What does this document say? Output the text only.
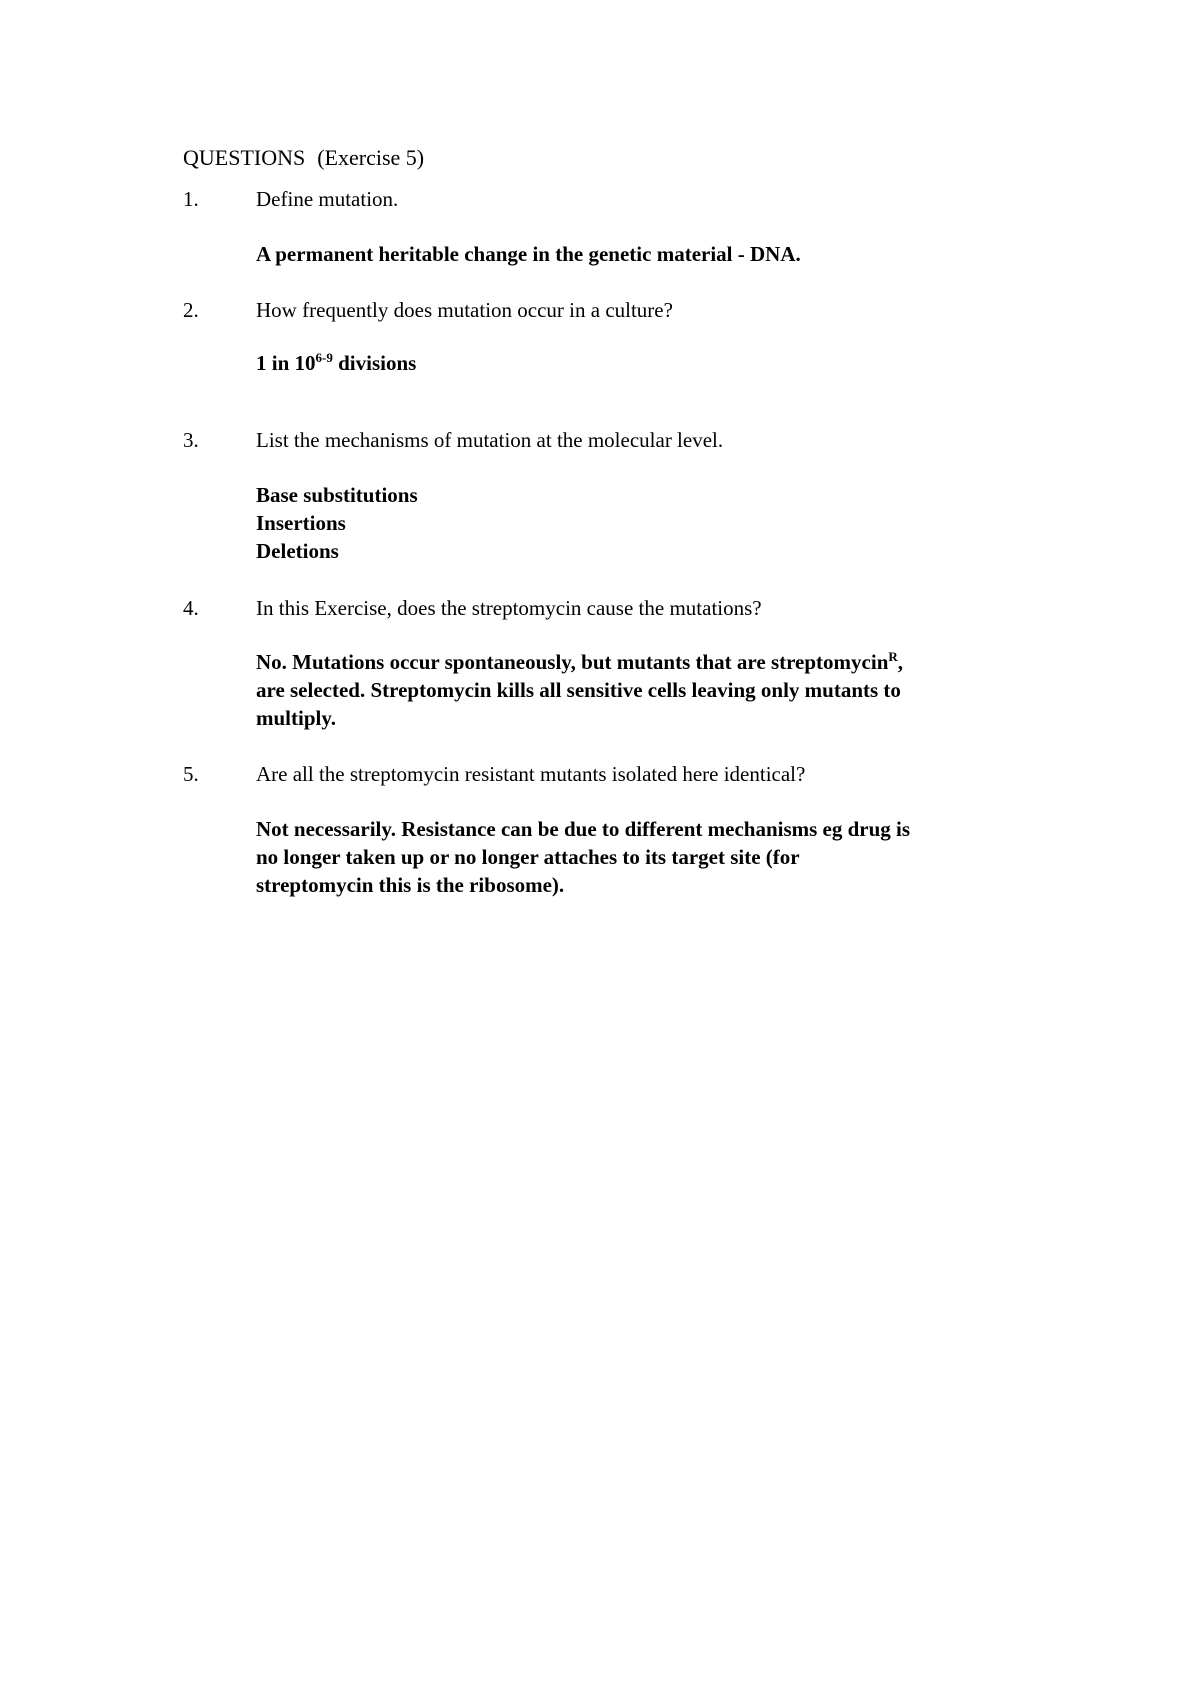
QUESTIONS (Exercise 5)
1.	Define mutation.
A permanent heritable change in the genetic material - DNA.
2.	How frequently does mutation occur in a culture?
1 in 10$^{6-9}$ divisions
3.	List the mechanisms of mutation at the molecular level.
Base substitutions
Insertions
Deletions
4.	In this Exercise, does the streptomycin cause the mutations?
No. Mutations occur spontaneously, but mutants that are streptomycin$^R$,
are selected. Streptomycin kills all sensitive cells leaving only mutants to
multiply.
5.	Are all the streptomycin resistant mutants isolated here identical?
Not necessarily. Resistance can be due to different mechanisms eg drug is
no longer taken up or no longer attaches to its target site (for
streptomycin this is the ribosome).
